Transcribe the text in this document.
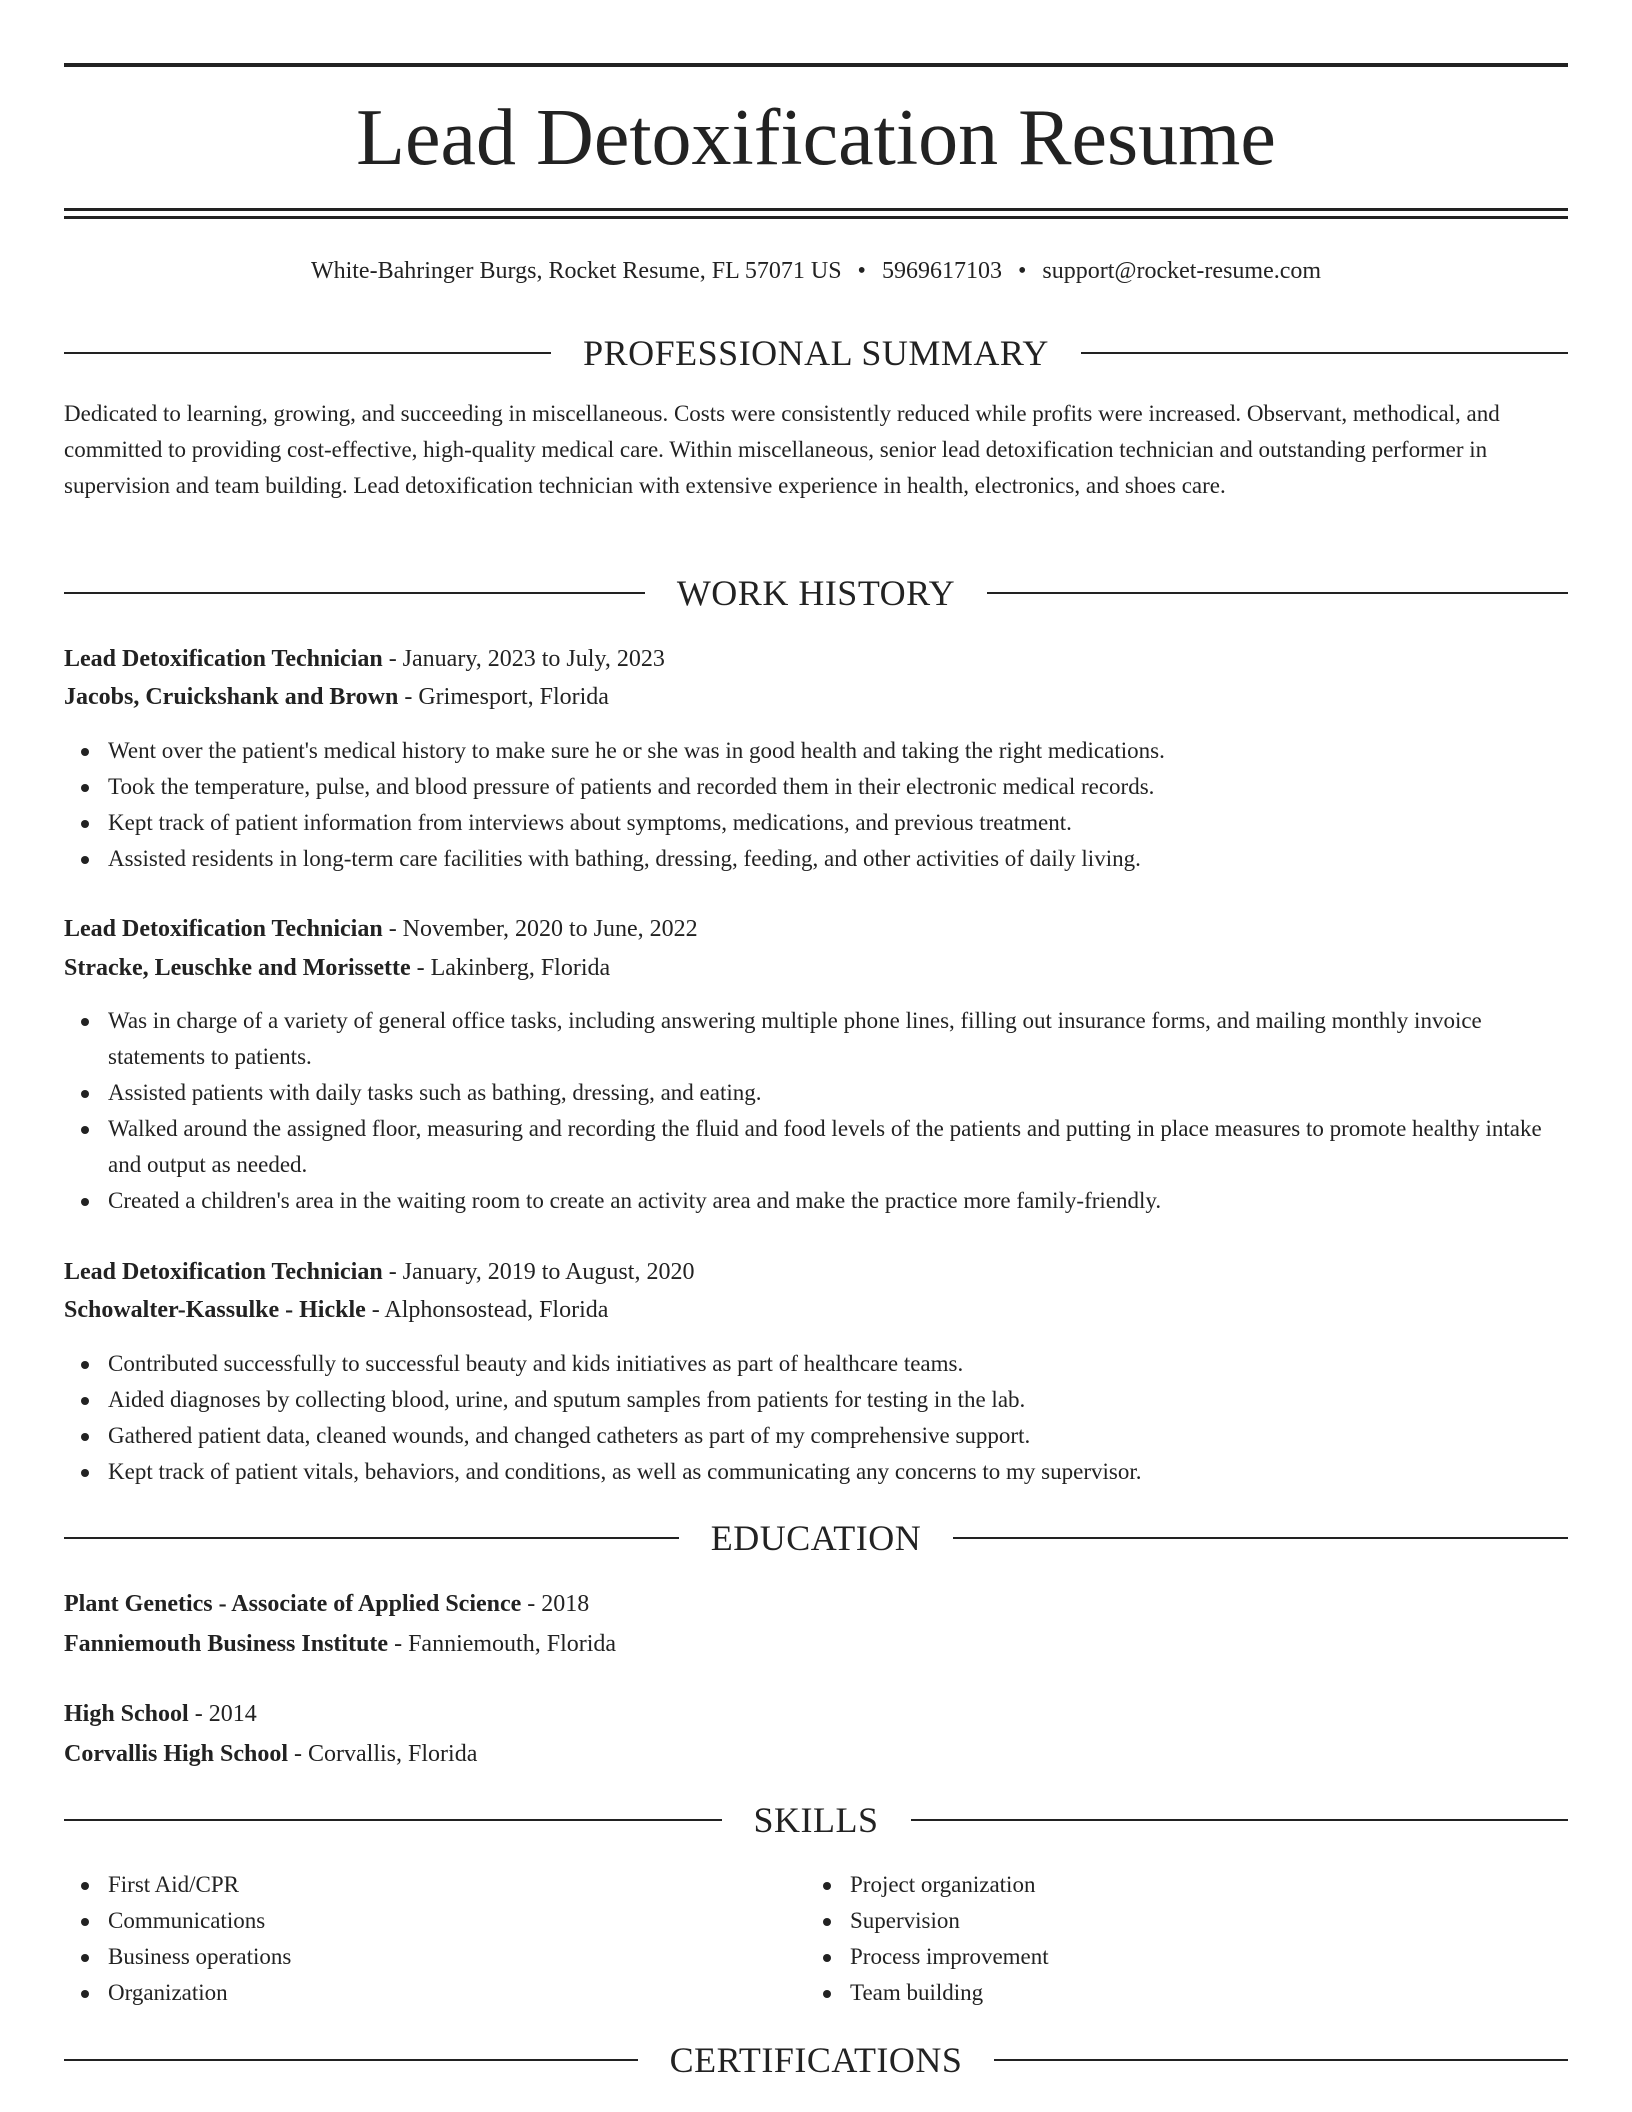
Lead Detoxification Resume
White-Bahringer Burgs, Rocket Resume, FL 57071 US • 5969617103 • support@rocket-resume.com
PROFESSIONAL SUMMARY
Dedicated to learning, growing, and succeeding in miscellaneous. Costs were consistently reduced while profits were increased. Observant, methodical, and committed to providing cost-effective, high-quality medical care. Within miscellaneous, senior lead detoxification technician and outstanding performer in supervision and team building. Lead detoxification technician with extensive experience in health, electronics, and shoes care.
WORK HISTORY
Lead Detoxification Technician - January, 2023 to July, 2023
Jacobs, Cruickshank and Brown - Grimesport, Florida
Went over the patient's medical history to make sure he or she was in good health and taking the right medications.
Took the temperature, pulse, and blood pressure of patients and recorded them in their electronic medical records.
Kept track of patient information from interviews about symptoms, medications, and previous treatment.
Assisted residents in long-term care facilities with bathing, dressing, feeding, and other activities of daily living.
Lead Detoxification Technician - November, 2020 to June, 2022
Stracke, Leuschke and Morissette - Lakinberg, Florida
Was in charge of a variety of general office tasks, including answering multiple phone lines, filling out insurance forms, and mailing monthly invoice statements to patients.
Assisted patients with daily tasks such as bathing, dressing, and eating.
Walked around the assigned floor, measuring and recording the fluid and food levels of the patients and putting in place measures to promote healthy intake and output as needed.
Created a children's area in the waiting room to create an activity area and make the practice more family-friendly.
Lead Detoxification Technician - January, 2019 to August, 2020
Schowalter-Kassulke - Hickle - Alphonsostead, Florida
Contributed successfully to successful beauty and kids initiatives as part of healthcare teams.
Aided diagnoses by collecting blood, urine, and sputum samples from patients for testing in the lab.
Gathered patient data, cleaned wounds, and changed catheters as part of my comprehensive support.
Kept track of patient vitals, behaviors, and conditions, as well as communicating any concerns to my supervisor.
EDUCATION
Plant Genetics - Associate of Applied Science - 2018
Fanniemouth Business Institute - Fanniemouth, Florida
High School - 2014
Corvallis High School - Corvallis, Florida
SKILLS
First Aid/CPR
Communications
Business operations
Organization
Project organization
Supervision
Process improvement
Team building
CERTIFICATIONS
